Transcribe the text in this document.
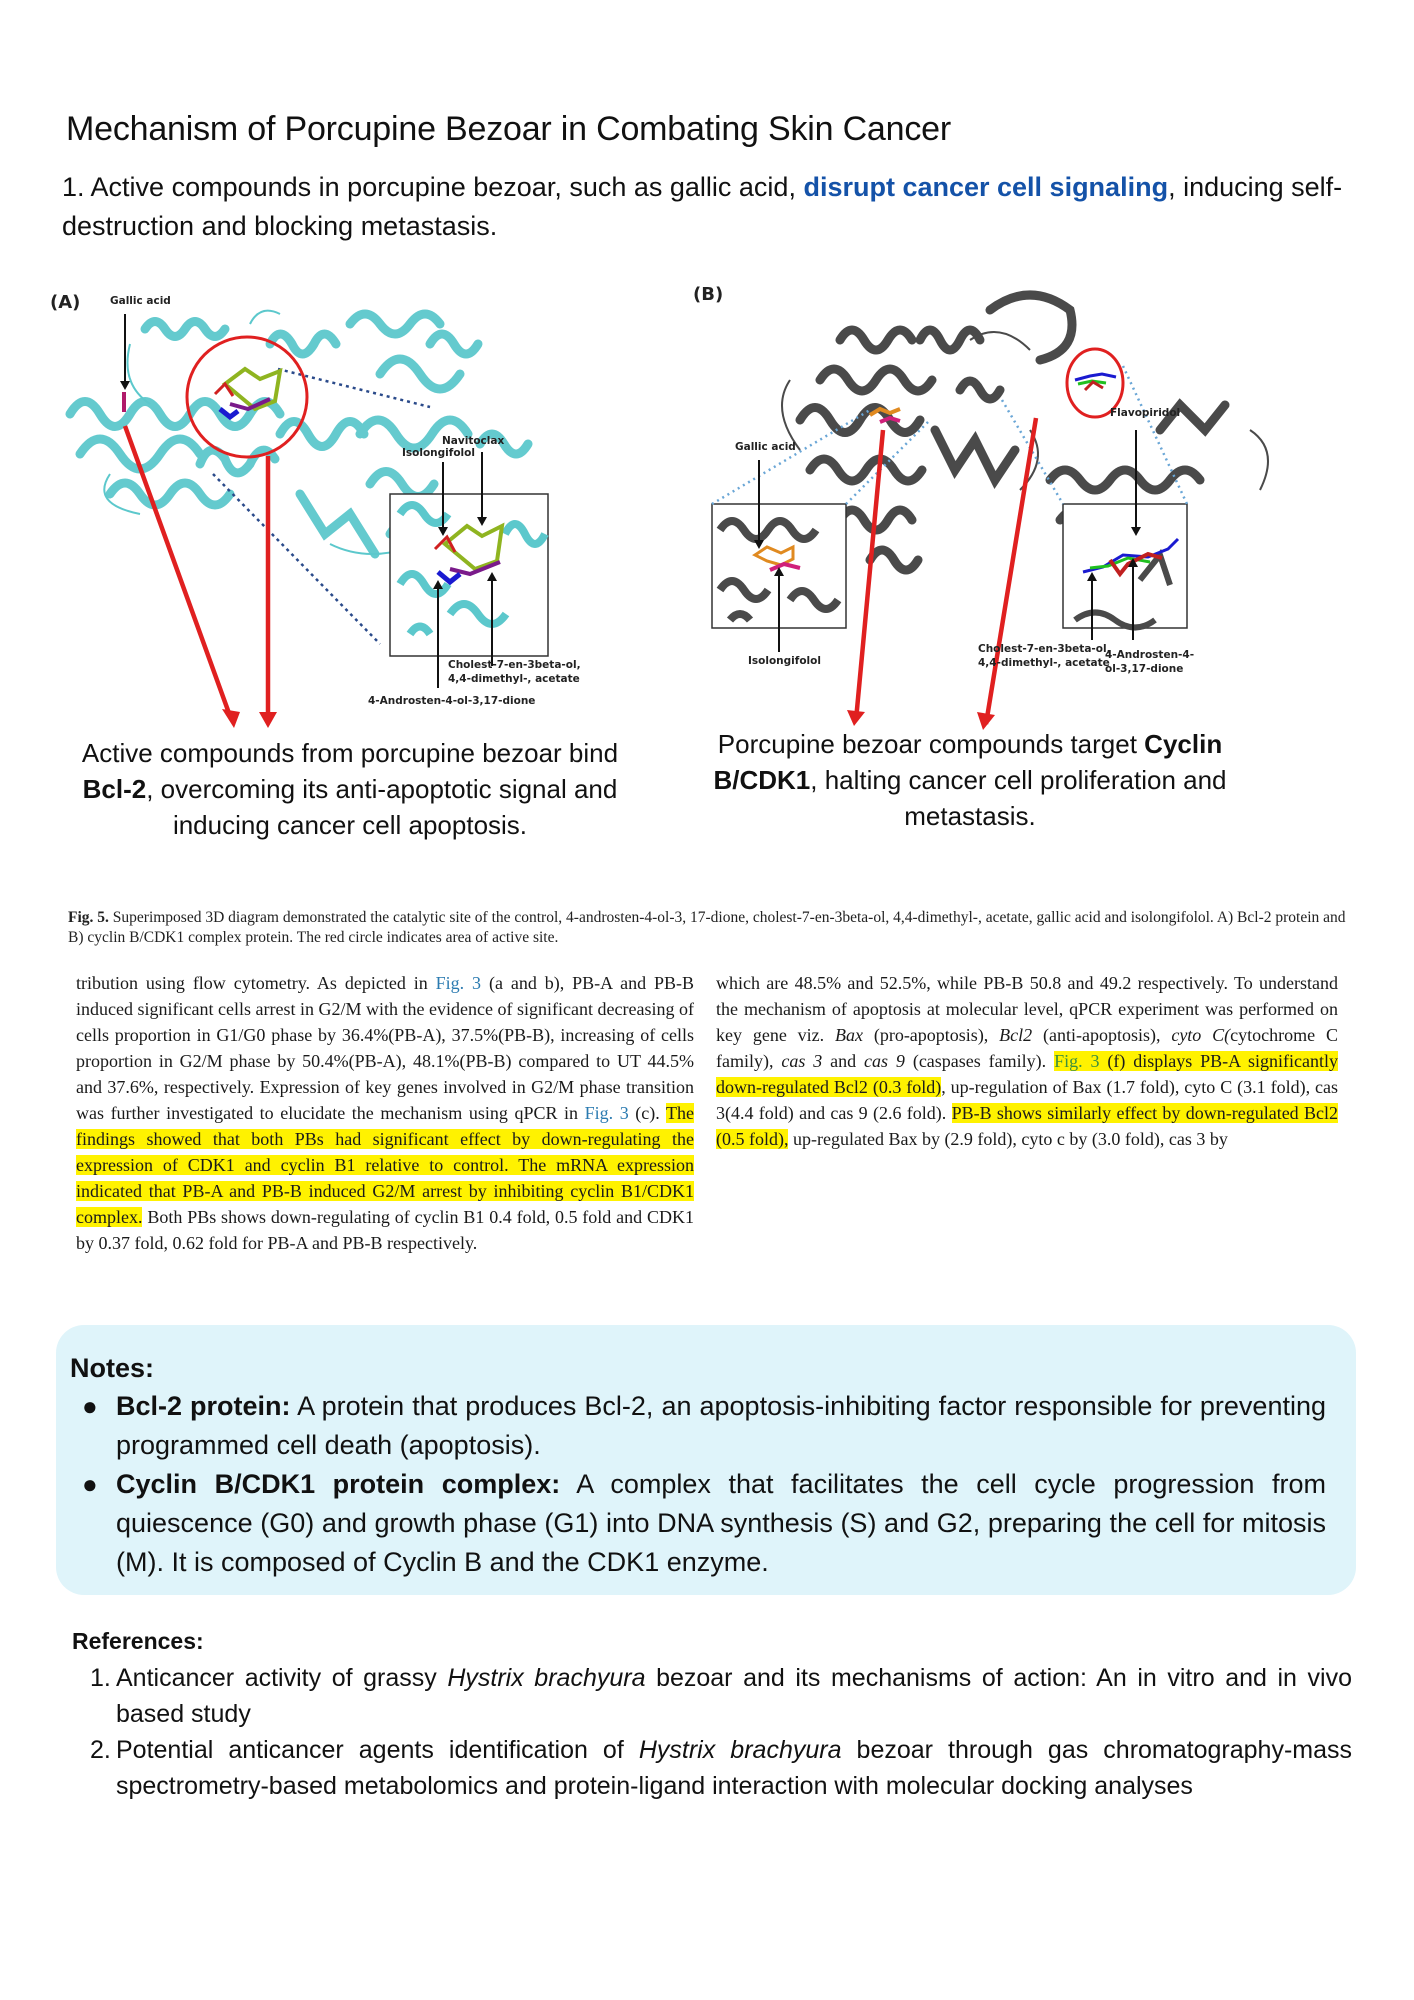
Mechanism of Porcupine Bezoar in Combating Skin Cancer
1. Active compounds in porcupine bezoar, such as gallic acid, disrupt cancer cell signaling, inducing self-destruction and blocking metastasis.
(A)	Gallic acid
Navitoclax
Isolongifolol
Cholest-7-en-3beta-ol,
4,4-dimethyl-, acetate
4-Androsten-4-ol-3,17-dione
(B)
Gallic acid
Isolongifolol
Flavopiridol
Cholest-7-en-3beta-ol,
4,4-dimethyl-, acetate
4-Androsten-4-
ol-3,17-dione
Active compounds from porcupine bezoar bind Bcl-2, overcoming its anti-apoptotic signal and inducing cancer cell apoptosis.
Porcupine bezoar compounds target Cyclin B/CDK1, halting cancer cell proliferation and metastasis.
Fig. 5. Superimposed 3D diagram demonstrated the catalytic site of the control, 4-androsten-4-ol-3, 17-dione, cholest-7-en-3beta-ol, 4,4-dimethyl-, acetate, gallic acid and isolongifolol. A) Bcl-2 protein and B) cyclin B/CDK1 complex protein. The red circle indicates area of active site.
tribution using flow cytometry. As depicted in Fig. 3 (a and b), PB-A and PB-B induced significant cells arrest in G2/M with the evidence of significant decreasing of cells proportion in G1/G0 phase by 36.4%(PB-A), 37.5%(PB-B), increasing of cells proportion in G2/M phase by 50.4%(PB-A), 48.1%(PB-B) compared to UT 44.5% and 37.6%, respectively. Expression of key genes involved in G2/M phase transition was further investigated to elucidate the mechanism using qPCR in Fig. 3 (c). The findings showed that both PBs had significant effect by down-regulating the expression of CDK1 and cyclin B1 relative to control. The mRNA expression indicated that PB-A and PB-B induced G2/M arrest by inhibiting cyclin B1/CDK1 complex. Both PBs shows down-regulating of cyclin B1 0.4 fold, 0.5 fold and CDK1 by 0.37 fold, 0.62 fold for PB-A and PB-B respectively.
which are 48.5% and 52.5%, while PB-B 50.8 and 49.2 respectively. To understand the mechanism of apoptosis at molecular level, qPCR experiment was performed on key gene viz. Bax (pro-apoptosis), Bcl2 (anti-apoptosis), cyto C(cytochrome C family), cas 3 and cas 9 (caspases family). Fig. 3 (f) displays PB-A significantly down-regulated Bcl2 (0.3 fold), up-regulation of Bax (1.7 fold), cyto C (3.1 fold), cas 3(4.4 fold) and cas 9 (2.6 fold). PB-B shows similarly effect by down-regulated Bcl2 (0.5 fold), up-regulated Bax by (2.9 fold), cyto c by (3.0 fold), cas 3 by
Notes:
● Bcl-2 protein: A protein that produces Bcl-2, an apoptosis-inhibiting factor responsible for preventing programmed cell death (apoptosis).
● Cyclin B/CDK1 protein complex: A complex that facilitates the cell cycle progression from quiescence (G0) and growth phase (G1) into DNA synthesis (S) and G2, preparing the cell for mitosis (M). It is composed of Cyclin B and the CDK1 enzyme.
References:
1. Anticancer activity of grassy Hystrix brachyura bezoar and its mechanisms of action: An in vitro and in vivo based study
2. Potential anticancer agents identification of Hystrix brachyura bezoar through gas chromatography-mass spectrometry-based metabolomics and protein-ligand interaction with molecular docking analyses
